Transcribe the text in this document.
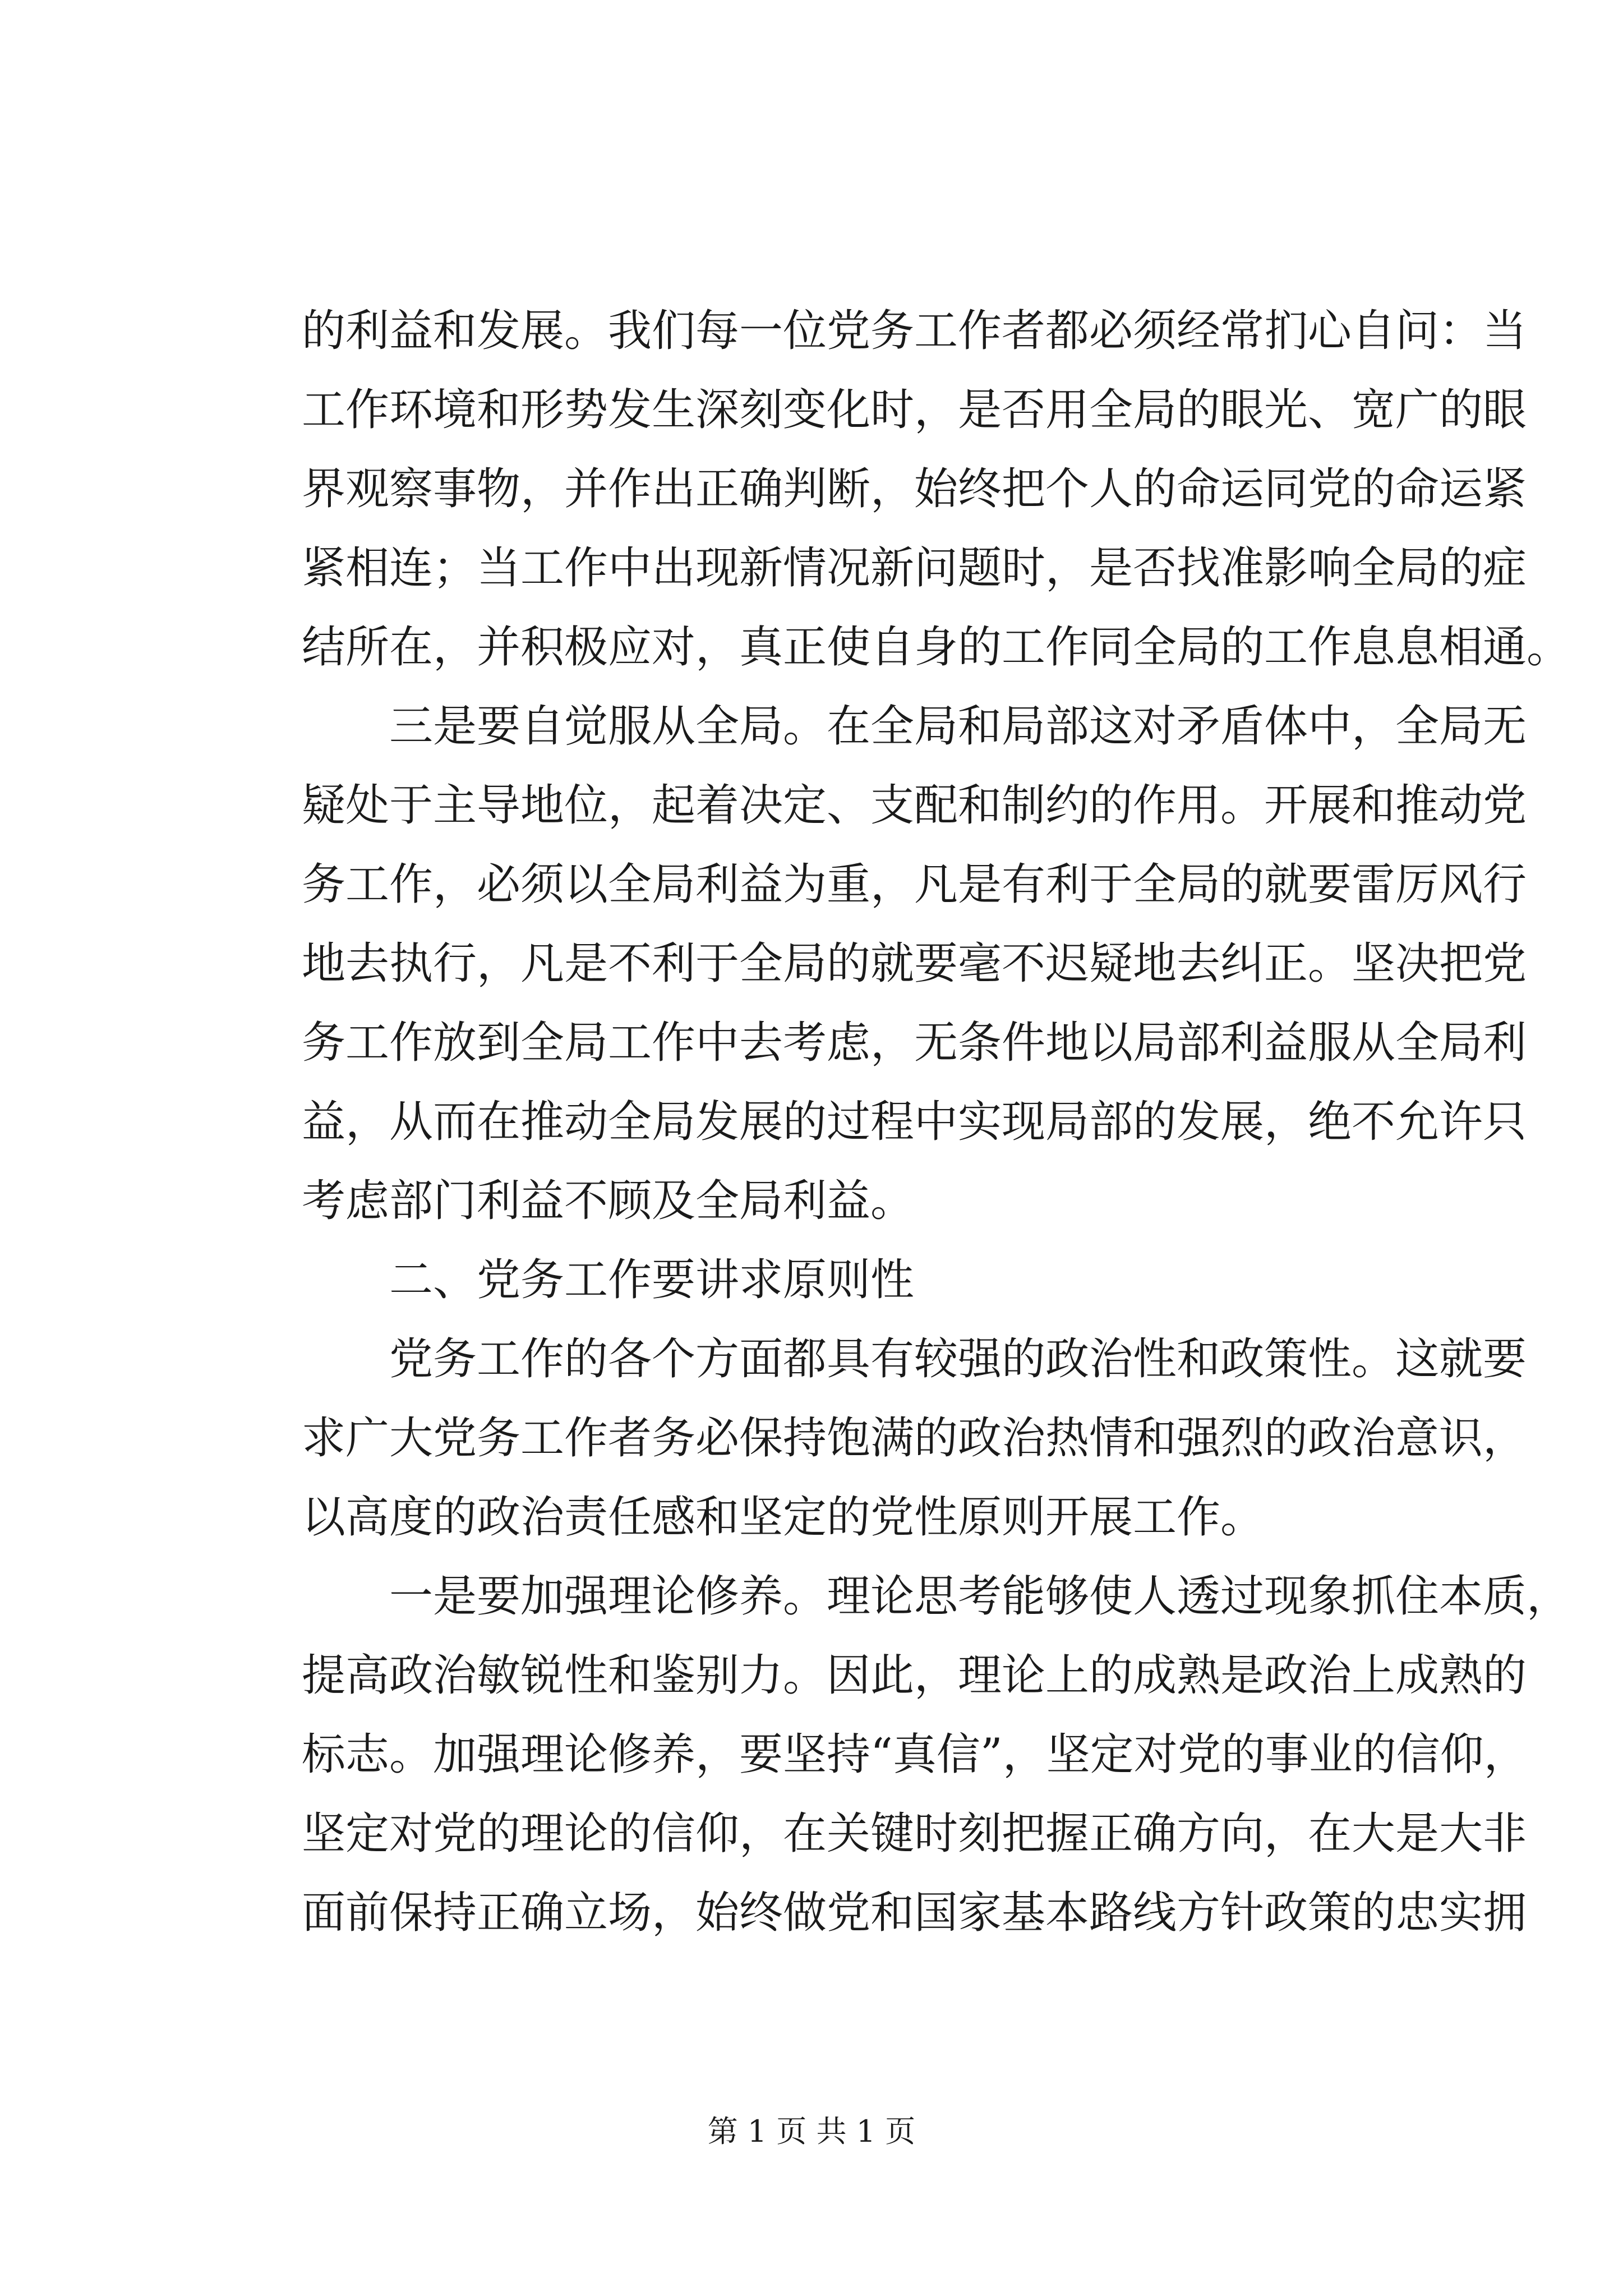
的利益和发展。我们每一位党务工作者都必须经常扪心自问：当
工作环境和形势发生深刻变化时，是否用全局的眼光、宽广的眼
界观察事物，并作出正确判断，始终把个人的命运同党的命运紧
紧相连；当工作中出现新情况新问题时，是否找准影响全局的症
结所在，并积极应对，真正使自身的工作同全局的工作息息相通。
三是要自觉服从全局。在全局和局部这对矛盾体中，全局无
疑处于主导地位，起着决定、支配和制约的作用。开展和推动党
务工作，必须以全局利益为重，凡是有利于全局的就要雷厉风行
地去执行，凡是不利于全局的就要毫不迟疑地去纠正。坚决把党
务工作放到全局工作中去考虑，无条件地以局部利益服从全局利
益，从而在推动全局发展的过程中实现局部的发展，绝不允许只
考虑部门利益不顾及全局利益。
二、党务工作要讲求原则性
党务工作的各个方面都具有较强的政治性和政策性。这就要
求广大党务工作者务必保持饱满的政治热情和强烈的政治意识，
以高度的政治责任感和坚定的党性原则开展工作。
一是要加强理论修养。理论思考能够使人透过现象抓住本质，
提高政治敏锐性和鉴别力。因此，理论上的成熟是政治上成熟的
标志。加强理论修养，要坚持“真信”，坚定对党的事业的信仰，
坚定对党的理论的信仰，在关键时刻把握正确方向，在大是大非
面前保持正确立场，始终做党和国家基本路线方针政策的忠实拥
第 1 页 共 1 页
